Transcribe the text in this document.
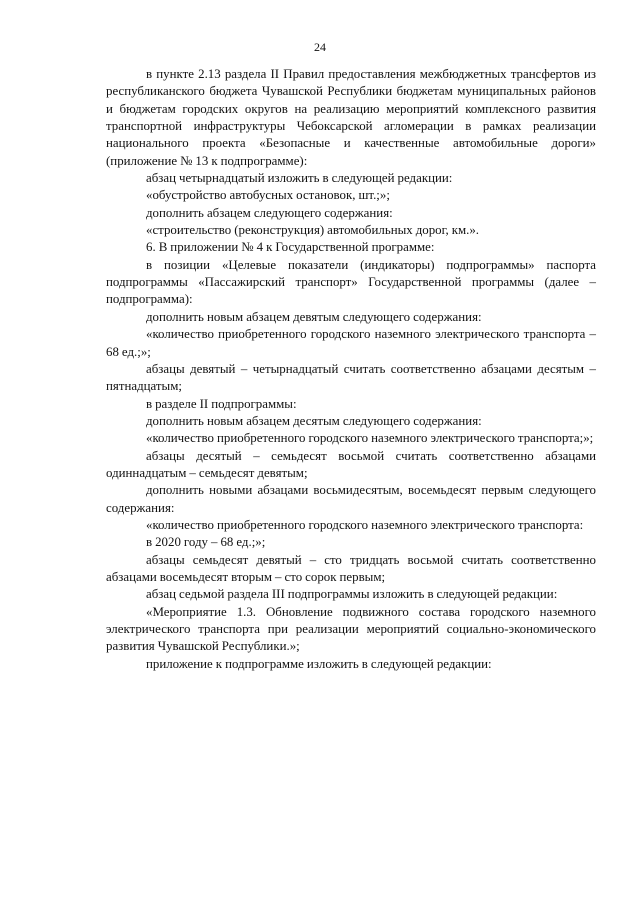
24

в пункте 2.13 раздела II Правил предоставления межбюджетных трансфертов из республиканского бюджета Чувашской Республики бюджетам муниципальных районов и бюджетам городских округов на реализацию мероприятий комплексного развития транспортной инфраструктуры Чебоксарской агломерации в рамках реализации национального проекта «Безопасные и качественные автомобильные дороги» (приложение № 13 к подпрограмме):

абзац четырнадцатый изложить в следующей редакции:

«обустройство автобусных остановок, шт.;»;

дополнить абзацем следующего содержания:

«строительство (реконструкция) автомобильных дорог, км.».

6. В приложении № 4 к Государственной программе:

в позиции «Целевые показатели (индикаторы) подпрограммы» паспорта подпрограммы «Пассажирский транспорт» Государственной программы (далее – подпрограмма):

дополнить новым абзацем девятым следующего содержания:

«количество приобретенного городского наземного электрического транспорта – 68 ед.;»;

абзацы девятый – четырнадцатый считать соответственно абзацами десятым – пятнадцатым;

в разделе II подпрограммы:

дополнить новым абзацем десятым следующего содержания:

«количество приобретенного городского наземного электрического транспорта;»;

абзацы десятый – семьдесят восьмой считать соответственно абзацами одиннадцатым – семьдесят девятым;

дополнить новыми абзацами восьмидесятым, восемьдесят первым следующего содержания:

«количество приобретенного городского наземного электрического транспорта:

в 2020 году – 68 ед.;»;

абзацы семьдесят девятый – сто тридцать восьмой считать соответственно абзацами восемьдесят вторым – сто сорок первым;

абзац седьмой раздела III подпрограммы изложить в следующей редакции:

«Мероприятие 1.3. Обновление подвижного состава городского наземного электрического транспорта при реализации мероприятий социально-экономического развития Чувашской Республики.»;

приложение к подпрограмме изложить в следующей редакции:
